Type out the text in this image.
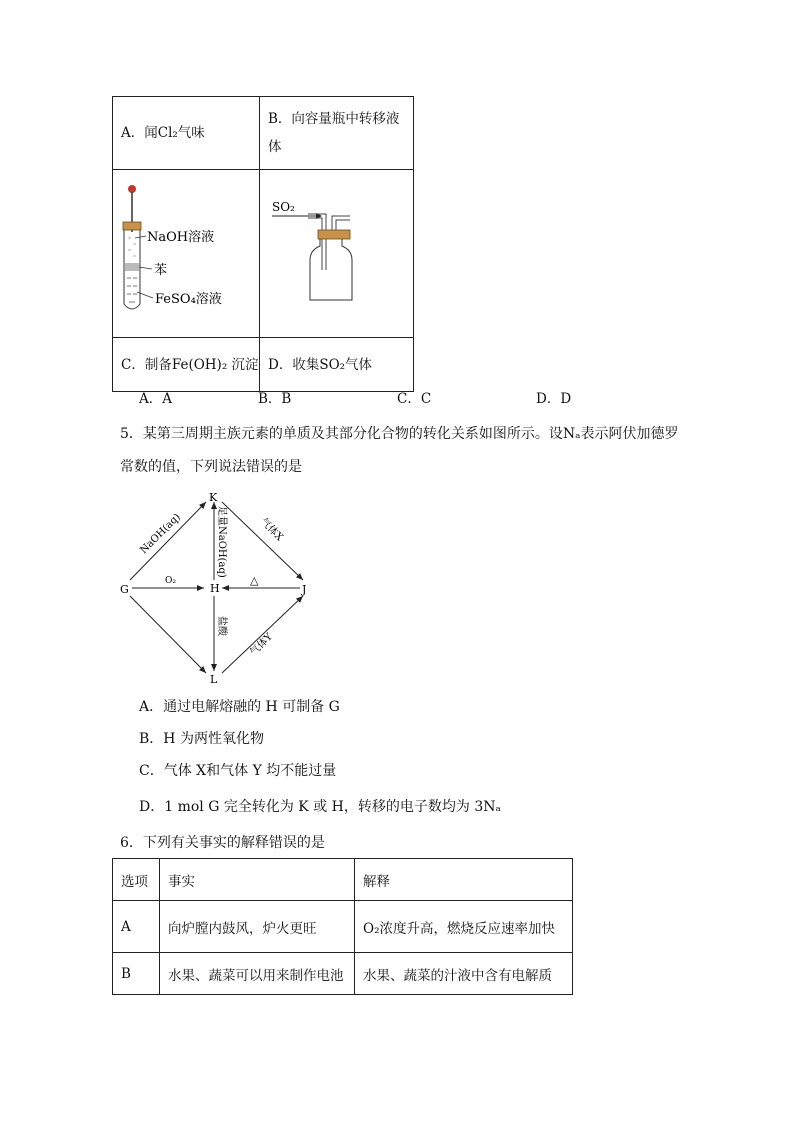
A．闻Cl₂气味	B．向容量瓶中转移液
体

NaOH溶液
苯
FeSO₄溶液	SO₂

C．制备Fe(OH)₂ 沉淀	D．收集SO₂气体
A．A	B．B	C．C	D．D
5．某第三周期主族元素的单质及其部分化合物的转化关系如图所示。设Nₐ表示阿伏加德罗
常数的值，下列说法错误的是
K
G	H	J
L
NaOH(aq)	气体X
足量NaOH(aq)
O₂	△
盐酸
气体Y
A．通过电解熔融的 H 可制备 G
B．H 为两性氧化物
C．气体 X和气体 Y 均不能过量
D．1 mol G 完全转化为 K 或 H，转移的电子数均为 3Nₐ
6．下列有关事实的解释错误的是
选项	事实	解释
A	向炉膛内鼓风，炉火更旺	O₂浓度升高，燃烧反应速率加快
B	水果、蔬菜可以用来制作电池	水果、蔬菜的汁液中含有电解质
